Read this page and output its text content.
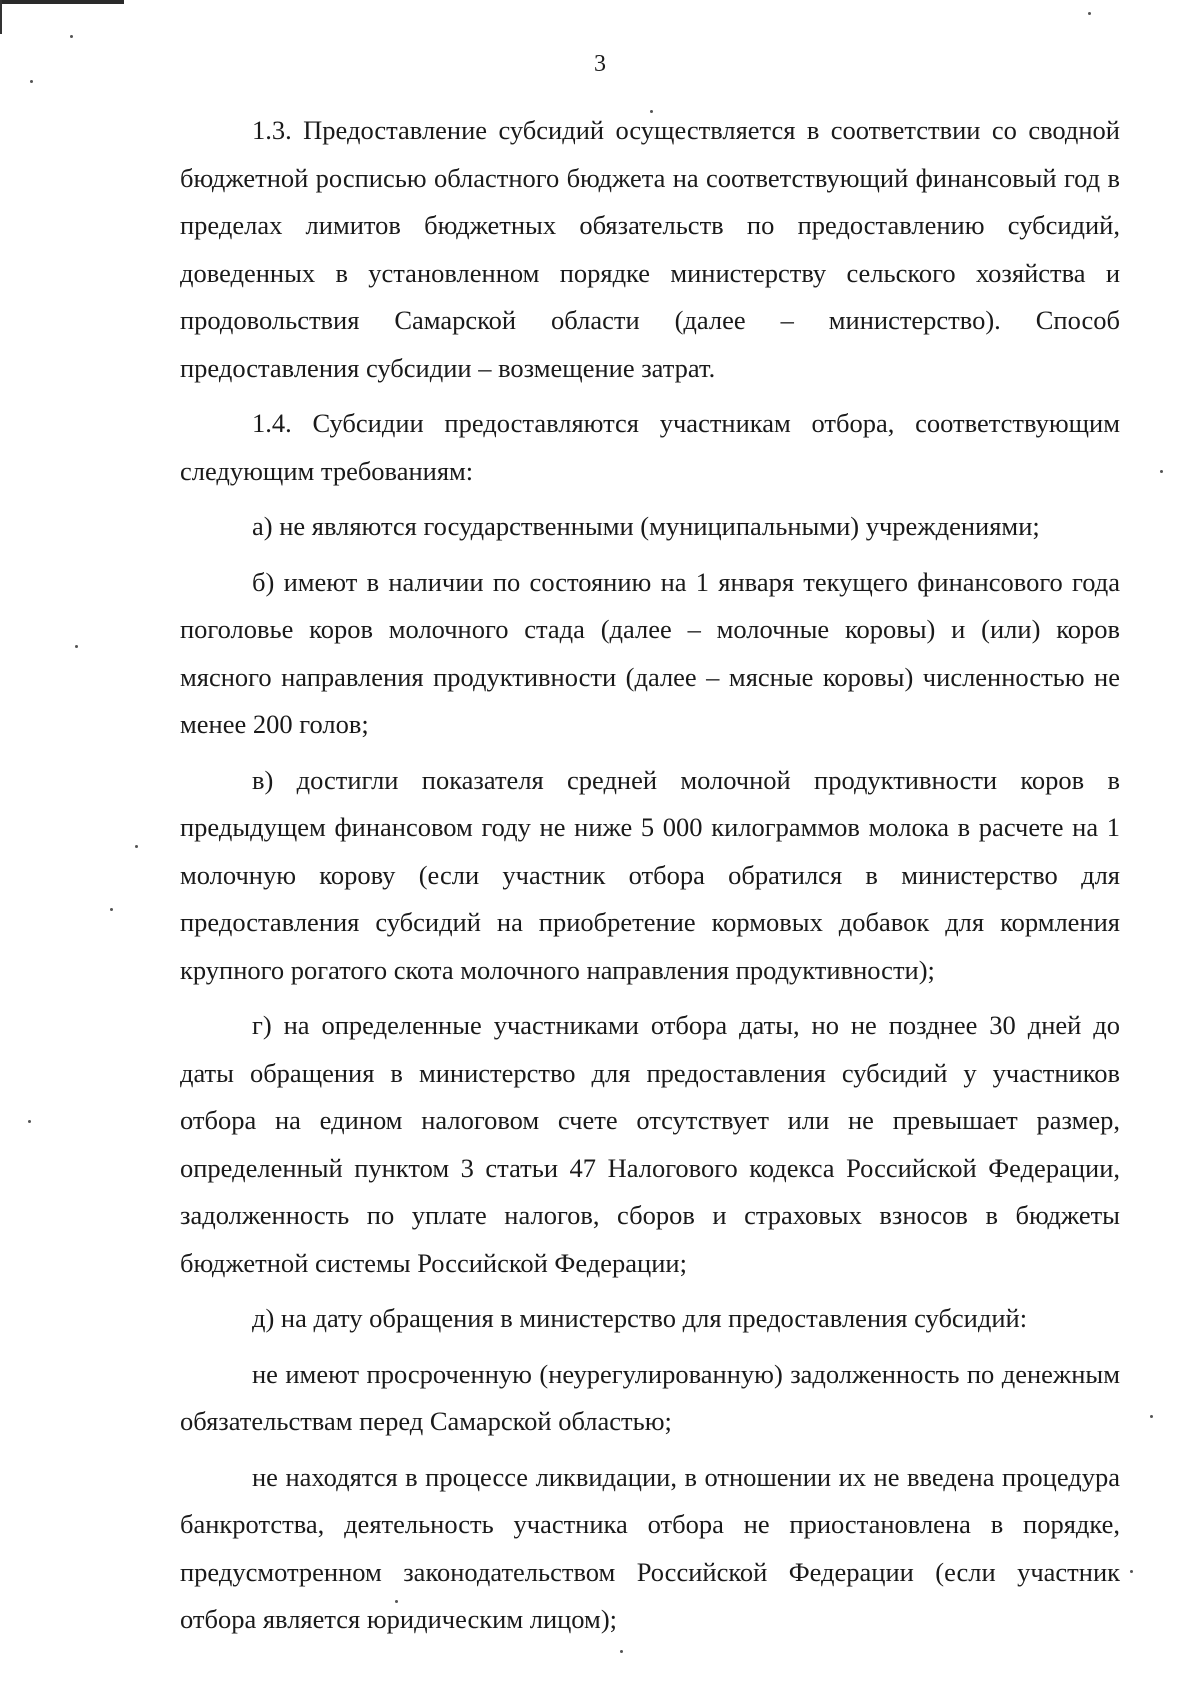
3

1.3. Предоставление субсидий осуществляется в соответствии со сводной бюджетной росписью областного бюджета на соответствующий финансовый год в пределах лимитов бюджетных обязательств по предоставлению субсидий, доведенных в установленном порядке министерству сельского хозяйства и продовольствия Самарской области (далее – министерство). Способ предоставления субсидии – возмещение затрат.

1.4. Субсидии предоставляются участникам отбора, соответствующим следующим требованиям:

а) не являются государственными (муниципальными) учреждениями;

б) имеют в наличии по состоянию на 1 января текущего финансового года поголовье коров молочного стада (далее – молочные коровы) и (или) коров мясного направления продуктивности (далее – мясные коровы) численностью не менее 200 голов;

в) достигли показателя средней молочной продуктивности коров в предыдущем финансовом году не ниже 5 000 килограммов молока в расчете на 1 молочную корову (если участник отбора обратился в министерство для предоставления субсидий на приобретение кормовых добавок для кормления крупного рогатого скота молочного направления продуктивности);

г) на определенные участниками отбора даты, но не позднее 30 дней до даты обращения в министерство для предоставления субсидий у участников отбора на едином налоговом счете отсутствует или не превышает размер, определенный пунктом 3 статьи 47 Налогового кодекса Российской Федерации, задолженность по уплате налогов, сборов и страховых взносов в бюджеты бюджетной системы Российской Федерации;

д) на дату обращения в министерство для предоставления субсидий:

не имеют просроченную (неурегулированную) задолженность по денежным обязательствам перед Самарской областью;

не находятся в процессе ликвидации, в отношении их не введена процедура банкротства, деятельность участника отбора не приостановлена в порядке, предусмотренном законодательством Российской Федерации (если участник отбора является юридическим лицом);
